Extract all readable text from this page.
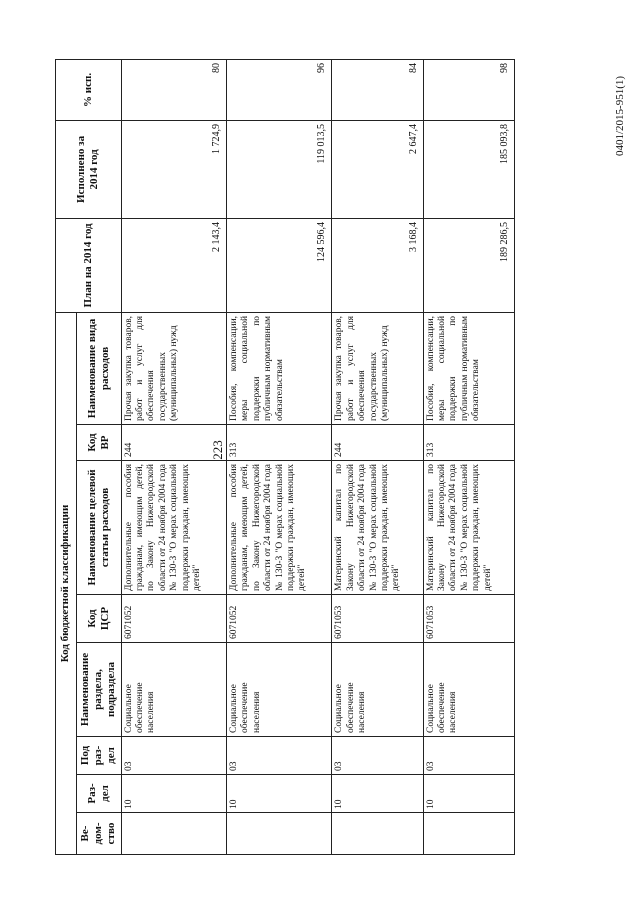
223
0401/2015-951(1)
Код бюджетной классификации								План на 2014 год	Исполнено за 2014 год	% исп.
Ве-дом-ство	Раз-дел	Под раз-дел	Наименование раздела, подраздела	Код ЦСР	Наименование целевой статьи расходов	Код ВР	Наименование вида расходов			
	10	03	Социальное обеспечение населения	6071052	Дополнительные пособия гражданам, имеющим детей, по Закону Нижегородской области от 24 ноября 2004 года № 130-З "О мерах социальной поддержки граждан, имеющих детей"	244	Прочая закупка товаров, работ и услуг для обеспечения государственных (муниципальных) нужд	2 143,4	1 724,9	80
	10	03	Социальное обеспечение населения	6071052	Дополнительные пособия гражданам, имеющим детей, по Закону Нижегородской области от 24 ноября 2004 года № 130-З "О мерах социальной поддержки граждан, имеющих детей"	313	Пособия, компенсации, меры социальной поддержки по публичным нормативным обязательствам	124 596,4	119 013,5	96
	10	03	Социальное обеспечение населения	6071053	Материнский капитал по Закону Нижегородской области от 24 ноября 2004 года № 130-З "О мерах социальной поддержки граждан, имеющих детей"	244	Прочая закупка товаров, работ и услуг для обеспечения государственных (муниципальных) нужд	3 168,4	2 647,4	84
	10	03	Социальное обеспечение населения	6071053	Материнский капитал по Закону Нижегородской области от 24 ноября 2004 года № 130-З "О мерах социальной поддержки граждан, имеющих детей"	313	Пособия, компенсации, меры социальной поддержки по публичным нормативным обязательствам	189 286,5	185 093,8	98
